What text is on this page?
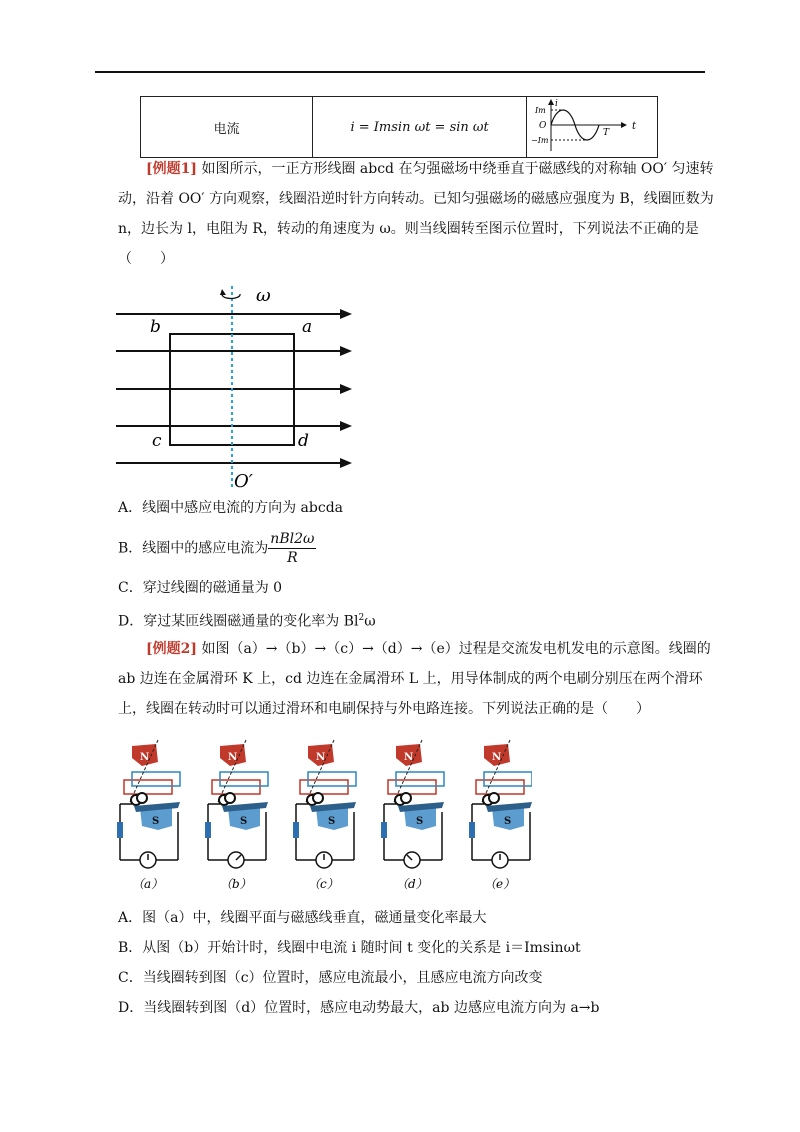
电流	i = Imsin ωt = sin ωt	
i
Im
O
−Im
T
t

[例题1] 如图所示，一正方形线圈 abcd 在匀强磁场中绕垂直于磁感线的对称轴 OO′ 匀速转动，沿着 OO′ 方向观察，线圈沿逆时针方向转动。已知匀强磁场的磁感应强度为 B，线圈匝数为 n，边长为 l，电阻为 R，转动的角速度为 ω。则当线圈转至图示位置时，下列说法不正确的是（　　）

ω
b	a
c	d
O′

A．线圈中感应电流的方向为 abcda

B．线圈中的感应电流为 $\frac{\text{nBl2ω}}{R}$

C．穿过线圈的磁通量为 0

D．穿过某匝线圈磁通量的变化率为 Bl$^2$ω

[例题2] 如图（a）→（b）→（c）→（d）→（e）过程是交流发电机发电的示意图。线圈的 ab 边连在金属滑环 K 上，cd 边连在金属滑环 L 上，用导体制成的两个电刷分别压在两个滑环上，线圈在转动时可以通过滑环和电刷保持与外电路连接。下列说法正确的是（　　）

N
S
N
S
N
S
N
S
N
S
（a）	（b）	（c）	（d）	（e）

A．图（a）中，线圈平面与磁感线垂直，磁通量变化率最大

B．从图（b）开始计时，线圈中电流 i 随时间 t 变化的关系是 i＝Imsinωt

C．当线圈转到图（c）位置时，感应电流最小，且感应电流方向改变

D．当线圈转到图（d）位置时，感应电动势最大，ab 边感应电流方向为 a→b
